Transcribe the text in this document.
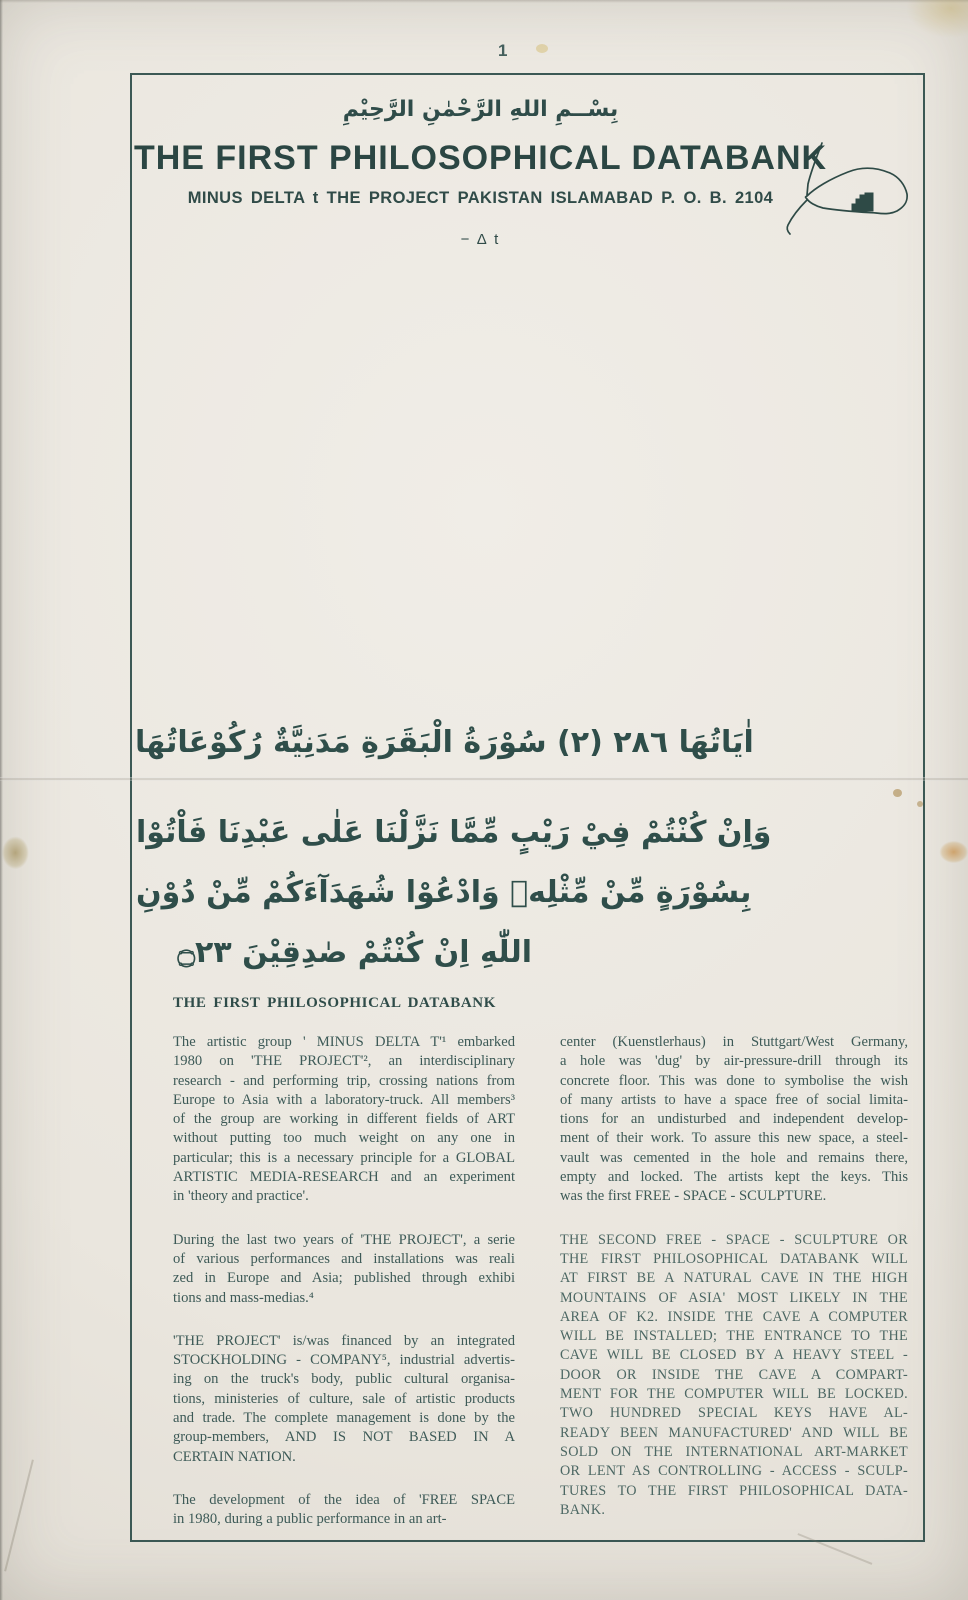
1
بِسْــمِ اللهِ الرَّحْمٰنِ الرَّحِيْمِ
THE FIRST PHILOSOPHICAL DATABANK
MINUS DELTA t THE PROJECT PAKISTAN ISLAMABAD P. O. B. 2104
− Δ t
اٰيَاتُهَا ٢٨٦ (٢) سُوْرَةُ الْبَقَرَةِ مَدَنِيَّةٌ رُكُوْعَاتُهَا
وَاِنْ كُنْتُمْ فِيْ رَيْبٍ مِّمَّا نَزَّلْنَا عَلٰى عَبْدِنَا فَاْتُوْا
بِسُوْرَةٍ مِّنْ مِّثْلِهٖ وَادْعُوْا شُهَدَآءَكُمْ مِّنْ دُوْنِ
اللّٰهِ اِنْ كُنْتُمْ صٰدِقِيْنَ ۝٢٣
THE FIRST PHILOSOPHICAL DATABANK
The artistic group ' MINUS DELTA T'¹ embarked
1980 on 'THE PROJECT'², an interdisciplinary
research - and performing trip, crossing nations from
Europe to Asia with a laboratory-truck. All members³
of the group are working in different fields of ART
without putting too much weight on any one in
particular; this is a necessary principle for a GLOBAL
ARTISTIC MEDIA-RESEARCH and an experiment
in 'theory and practice'.
During the last two years of 'THE PROJECT', a serie
of various performances and installations was reali
zed in Europe and Asia; published through exhibi
tions and mass-medias.⁴
'THE PROJECT' is/was financed by an integrated
STOCKHOLDING - COMPANY⁵, industrial advertis-
ing on the truck's body, public cultural organisa-
tions, ministeries of culture, sale of artistic products
and trade. The complete management is done by the
group-members, AND IS NOT BASED IN A
CERTAIN NATION.
The development of the idea of 'FREE SPACE
in 1980, during a public performance in an art-
center (Kuenstlerhaus) in Stuttgart/West Germany,
a hole was 'dug' by air-pressure-drill through its
concrete floor. This was done to symbolise the wish
of many artists to have a space free of social limita-
tions for an undisturbed and independent develop-
ment of their work. To assure this new space, a steel-
vault was cemented in the hole and remains there,
empty and locked. The artists kept the keys. This
was the first FREE - SPACE - SCULPTURE.
THE SECOND FREE - SPACE - SCULPTURE OR
THE FIRST PHILOSOPHICAL DATABANK WILL
AT FIRST BE A NATURAL CAVE IN THE HIGH
MOUNTAINS OF ASIA' MOST LIKELY IN THE
AREA OF K2. INSIDE THE CAVE A COMPUTER
WILL BE INSTALLED; THE ENTRANCE TO THE
CAVE WILL BE CLOSED BY A HEAVY STEEL -
DOOR OR INSIDE THE CAVE A COMPART-
MENT FOR THE COMPUTER WILL BE LOCKED.
TWO HUNDRED SPECIAL KEYS HAVE AL-
READY BEEN MANUFACTURED' AND WILL BE
SOLD ON THE INTERNATIONAL ART-MARKET
OR LENT AS CONTROLLING - ACCESS - SCULP-
TURES TO THE FIRST PHILOSOPHICAL DATA-
BANK.
